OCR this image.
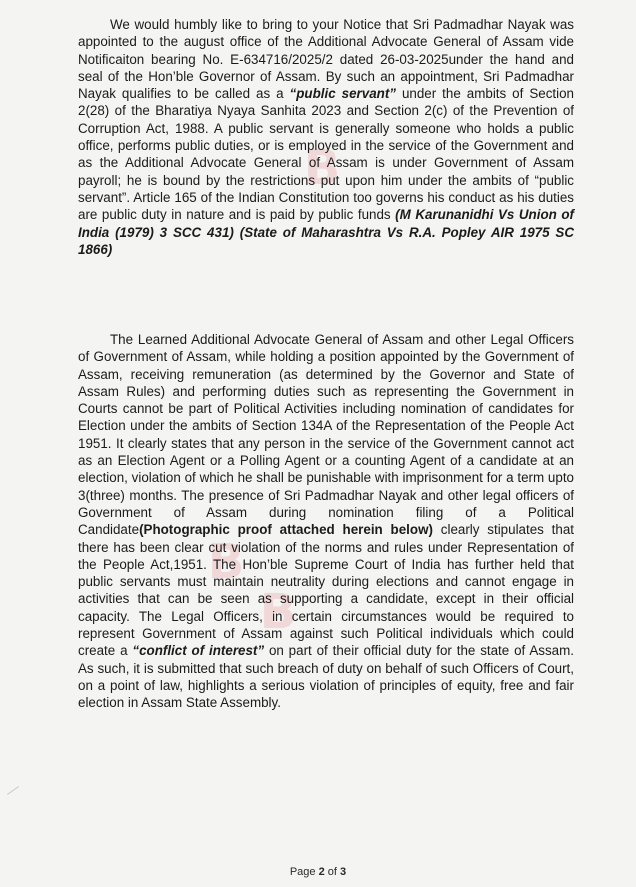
B
B
B

We would humbly like to bring to your Notice that Sri Padmadhar Nayak was appointed to the august office of the Additional Advocate General of Assam vide Notificaiton bearing No. E-634716/2025/2 dated 26-03-2025under the hand and seal of the Hon’ble Governor of Assam. By such an appointment, Sri Padmadhar Nayak qualifies to be called as a “public servant” under the ambits of Section 2(28) of the Bharatiya Nyaya Sanhita 2023 and Section 2(c) of the Prevention of Corruption Act, 1988. A public servant is generally someone who holds a public office, performs public duties, or is employed in the service of the Government and as the Additional Advocate General of Assam is under Government of Assam payroll; he is bound by the restrictions put upon him under the ambits of “public servant”. Article 165 of the Indian Constitution too governs his conduct as his duties are public duty in nature and is paid by public funds (M Karunanidhi Vs Union of India (1979) 3 SCC 431) (State of Maharashtra Vs R.A. Popley AIR 1975 SC 1866)

The Learned Additional Advocate General of Assam and other Legal Officers of Government of Assam, while holding a position appointed by the Government of Assam, receiving remuneration (as determined by the Governor and State of Assam Rules) and performing duties such as representing the Government in Courts cannot be part of Political Activities including nomination of candidates for Election under the ambits of Section 134A of the Representation of the People Act 1951. It clearly states that any person in the service of the Government cannot act as an Election Agent or a Polling Agent or a counting Agent of a candidate at an election, violation of which he shall be punishable with imprisonment for a term upto 3(three) months. The presence of Sri Padmadhar Nayak and other legal officers of Government of Assam during nomination filing of a Political Candidate(Photographic proof attached herein below) clearly stipulates that there has been clear cut violation of the norms and rules under Representation of the People Act,1951. The Hon’ble Supreme Court of India has further held that public servants must maintain neutrality during elections and cannot engage in activities that can be seen as supporting a candidate, except in their official capacity. The Legal Officers, in certain circumstances would be required to represent Government of Assam against such Political individuals which could create a “conflict of interest” on part of their official duty for the state of Assam. As such, it is submitted that such breach of duty on behalf of such Officers of Court, on a point of law, highlights a serious violation of principles of equity, free and fair election in Assam State Assembly.

Page 2 of 3
